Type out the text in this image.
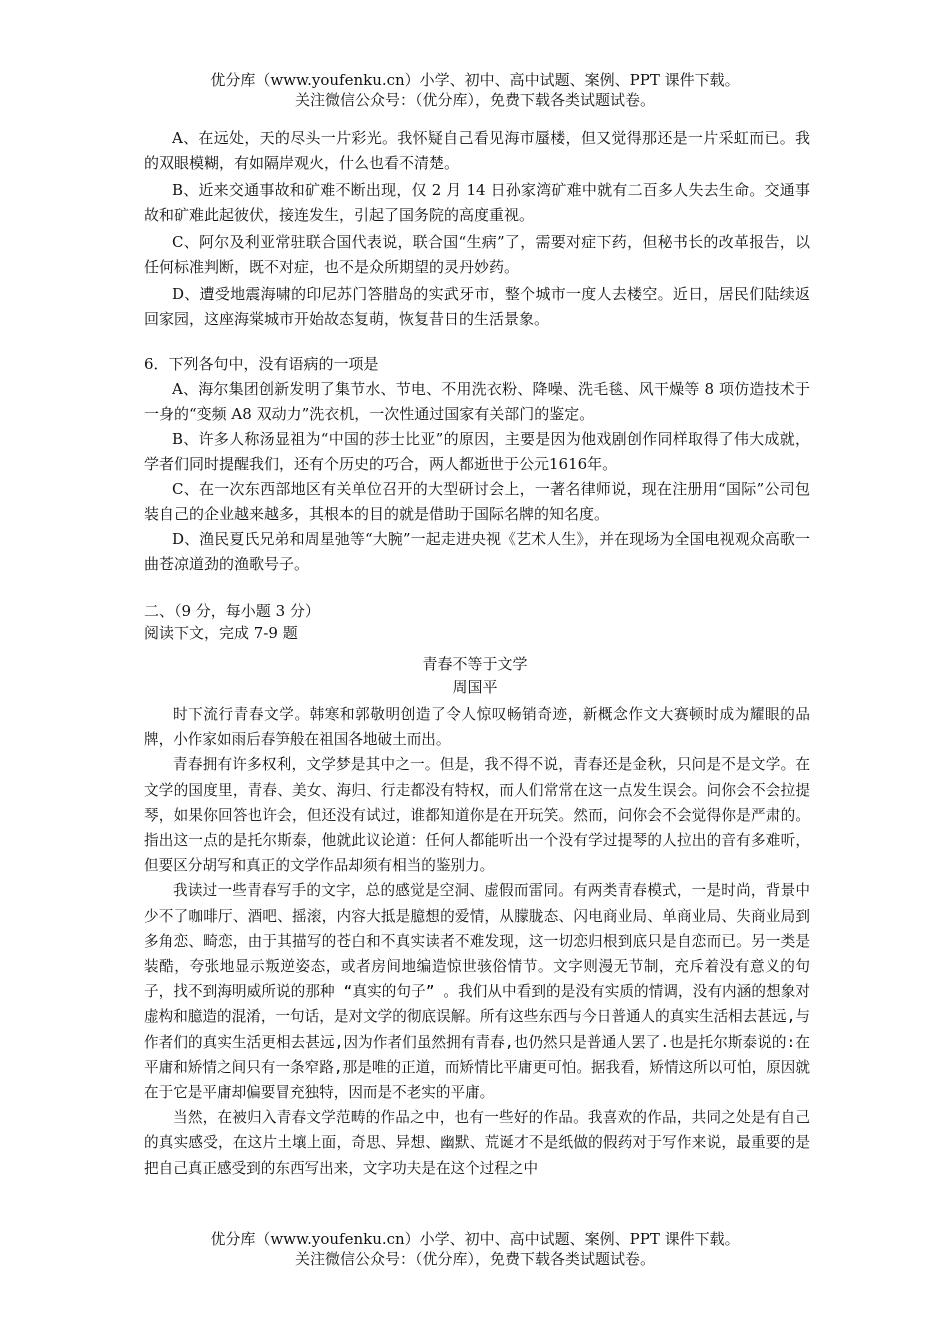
优分库（www.youfenku.cn）小学、初中、高中试题、案例、PPT 课件下载。
关注微信公众号：（优分库），免费下载各类试题试卷。

A、在远处，天的尽头一片彩光。我怀疑自己看见海市蜃楼，但又觉得那还是一片采虹而已。我的双眼模糊，有如隔岸观火，什么也看不清楚。

B、近来交通事故和矿难不断出现，仅 2 月 14 日孙家湾矿难中就有二百多人失去生命。交通事故和矿难此起彼伏，接连发生，引起了国务院的高度重视。

C、阿尔及利亚常驻联合国代表说，联合国“生病”了，需要对症下药，但秘书长的改革报告，以任何标准判断，既不对症，也不是众所期望的灵丹妙药。

D、遭受地震海啸的印尼苏门答腊岛的实武牙市，整个城市一度人去楼空。近日，居民们陆续返回家园，这座海棠城市开始故态复萌，恢复昔日的生活景象。

6．下列各句中，没有语病的一项是

A、海尔集团创新发明了集节水、节电、不用洗衣粉、降噪、洗毛毯、风干燥等 8 项仿造技术于一身的“变频 A8 双动力”洗衣机，一次性通过国家有关部门的鉴定。

B、许多人称汤显祖为“中国的莎士比亚”的原因，主要是因为他戏剧创作同样取得了伟大成就，学者们同时提醒我们，还有个历史的巧合，两人都逝世于公元1616年。

C、在一次东西部地区有关单位召开的大型研讨会上，一著名律师说，现在注册用“国际”公司包装自己的企业越来越多，其根本的目的就是借助于国际名牌的知名度。

D、渔民夏氏兄弟和周星弛等“大腕”一起走进央视《艺术人生》，并在现场为全国电视观众高歌一曲苍凉道劲的渔歌号子。

二、（9 分，每小题 3 分）

阅读下文，完成 7-9 题

青春不等于文学
周国平

时下流行青春文学。韩寒和郭敬明创造了令人惊叹畅销奇迹，新概念作文大赛顿时成为耀眼的品牌，小作家如雨后春笋般在祖国各地破土而出。

青春拥有许多权利，文学梦是其中之一。但是，我不得不说，青春还是金秋，只问是不是文学。在文学的国度里，青春、美女、海归、行走都没有特权，而人们常常在这一点发生误会。问你会不会拉提琴，如果你回答也许会，但还没有试过，谁都知道你是在开玩笑。然而，问你会不会觉得你是严肃的。指出这一点的是托尔斯泰，他就此议论道：任何人都能听出一个没有学过提琴的人拉出的音有多难听，但要区分胡写和真正的文学作品却须有相当的鉴别力。

我读过一些青春写手的文字，总的感觉是空洞、虚假而雷同。有两类青春模式，一是时尚，背景中少不了咖啡厅、酒吧、摇滚，内容大抵是臆想的爱情，从朦胧态、闪电商业局、单商业局、失商业局到多角恋、畸恋，由于其描写的苍白和不真实读者不难发现，这一切恋归根到底只是自恋而已。另一类是装酷，夸张地显示叛逆姿态，或者房间地编造惊世骇俗情节。文字则漫无节制，充斥着没有意义的句子，找不到海明威所说的那种 “真实的句子” 。我们从中看到的是没有实质的情调，没有内涵的想象对虚构和臆造的混淆，一句话，是对文学的彻底误解。所有这些东西与今日普通人的真实生活相去甚远,与作者们的真实生活更相去甚远,因为作者们虽然拥有青春,也仍然只是普通人罢了.也是托尔斯泰说的:在平庸和矫情之间只有一条窄路,那是唯的正道，而矫情比平庸更可怕。据我看，矫情这所以可怕，原因就在于它是平庸却偏要冒充独特，因而是不老实的平庸。

当然，在被归入青春文学范畴的作品之中，也有一些好的作品。我喜欢的作品，共同之处是有自己的真实感受，在这片土壤上面，奇思、异想、幽默、荒诞才不是纸做的假药对于写作来说，最重要的是把自己真正感受到的东西写出来，文字功夫是在这个过程之中

优分库（www.youfenku.cn）小学、初中、高中试题、案例、PPT 课件下载。
关注微信公众号：（优分库），免费下载各类试题试卷。
